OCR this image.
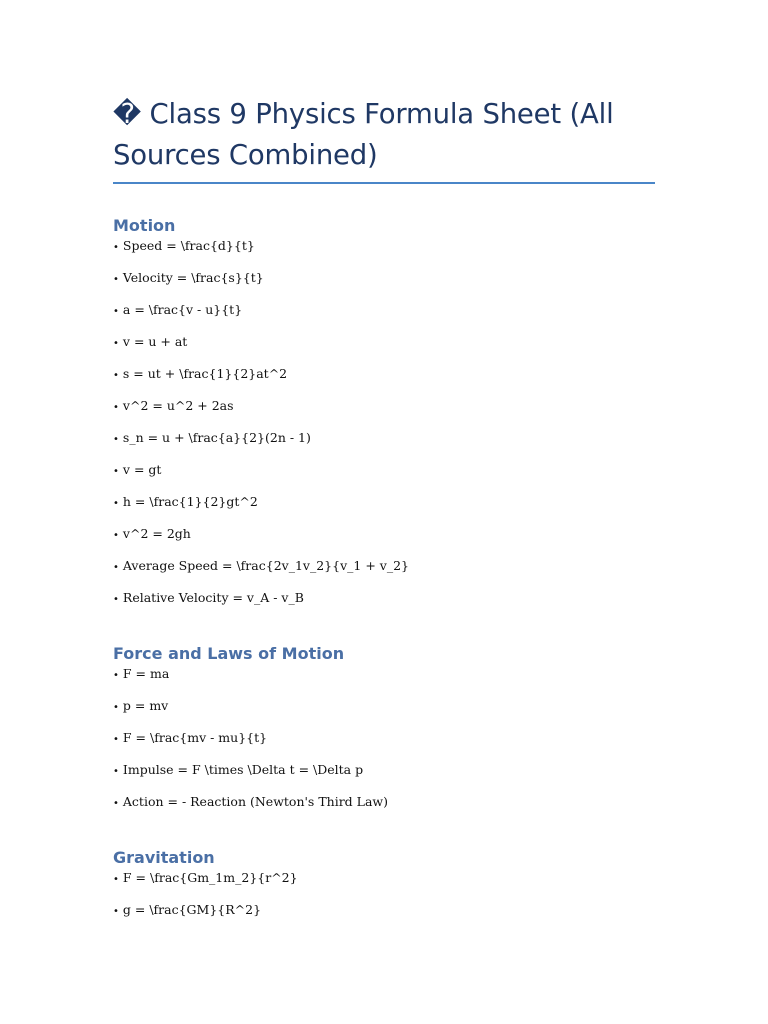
� Class 9 Physics Formula Sheet (All Sources Combined)
Motion
• Speed = \frac{d}{t}
• Velocity = \frac{s}{t}
• a = \frac{v - u}{t}
• v = u + at
• s = ut + \frac{1}{2}at^2
• v^2 = u^2 + 2as
• s_n = u + \frac{a}{2}(2n - 1)
• v = gt
• h = \frac{1}{2}gt^2
• v^2 = 2gh
• Average Speed = \frac{2v_1v_2}{v_1 + v_2}
• Relative Velocity = v_A - v_B
Force and Laws of Motion
• F = ma
• p = mv
• F = \frac{mv - mu}{t}
• Impulse = F \times \Delta t = \Delta p
• Action = - Reaction (Newton's Third Law)
Gravitation
• F = \frac{Gm_1m_2}{r^2}
• g = \frac{GM}{R^2}
